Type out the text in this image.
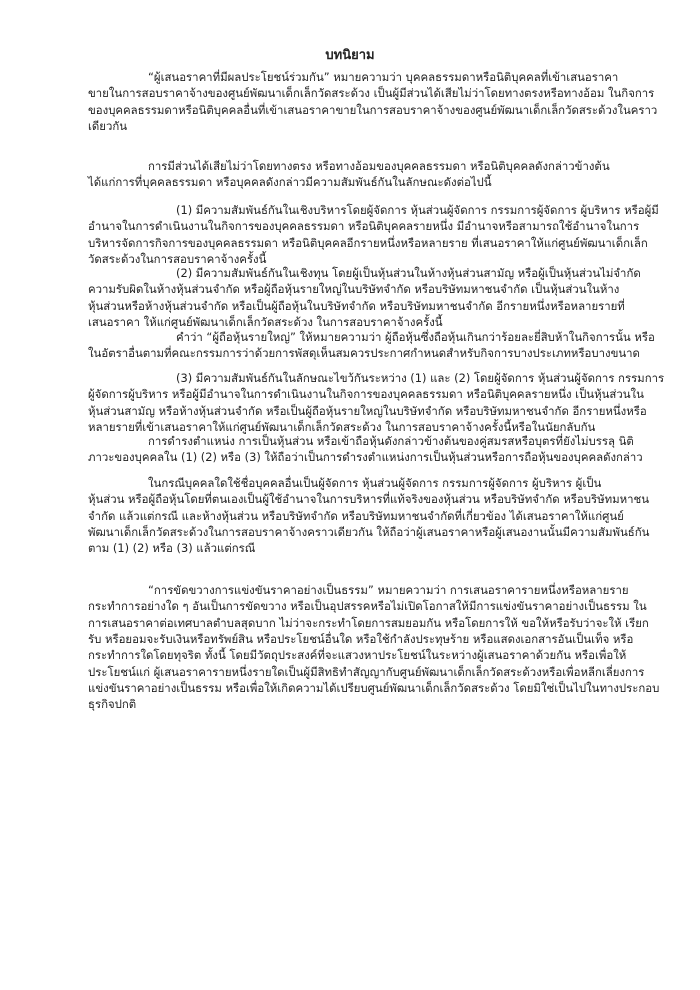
บทนิยาม
“ผู้เสนอราคาที่มีผลประโยชน์ร่วมกัน” หมายความว่า บุคคลธรรมดาหรือนิติบุคคลที่เข้าเสนอราคา
ขายในการสอบราคาจ้างของศูนย์พัฒนาเด็กเล็กวัดสระด้วง เป็นผู้มีส่วนได้เสียไม่ว่าโดยทางตรงหรือทางอ้อม ในกิจการ
ของบุคคลธรรมดาหรือนิติบุคคลอื่นที่เข้าเสนอราคาขายในการสอบราคาจ้างของศูนย์พัฒนาเด็กเล็กวัดสระด้วงในคราว
เดียวกัน
การมีส่วนได้เสียไม่ว่าโดยทางตรง หรือทางอ้อมของบุคคลธรรมดา หรือนิติบุคคลดังกล่าวข้างต้น
ได้แก่การที่บุคคลธรรมดา หรือบุคคลดังกล่าวมีความสัมพันธ์กันในลักษณะดังต่อไปนี้
(1) มีความสัมพันธ์กันในเชิงบริหารโดยผู้จัดการ หุ้นส่วนผู้จัดการ กรรมการผู้จัดการ ผู้บริหาร หรือผู้มี
อำนาจในการดำเนินงานในกิจการของบุคคลธรรมดา หรือนิติบุคคลรายหนึ่ง มีอำนาจหรือสามารถใช้อำนาจในการ
บริหารจัดการกิจการของบุคคลธรรมดา หรือนิติบุคคลอีกรายหนึ่งหรือหลายราย ที่เสนอราคาให้แก่ศูนย์พัฒนาเด็กเล็ก
วัดสระด้วงในการสอบราคาจ้างครั้งนี้
(2) มีความสัมพันธ์กันในเชิงทุน โดยผู้เป็นหุ้นส่วนในห้างหุ้นส่วนสามัญ หรือผู้เป็นหุ้นส่วนไม่จำกัด
ความรับผิดในห้างหุ้นส่วนจำกัด หรือผู้ถือหุ้นรายใหญ่ในบริษัทจำกัด หรือบริษัทมหาชนจำกัด เป็นหุ้นส่วนในห้าง
หุ้นส่วนหรือห้างหุ้นส่วนจำกัด หรือเป็นผู้ถือหุ้นในบริษัทจำกัด หรือบริษัทมหาชนจำกัด อีกรายหนึ่งหรือหลายรายที่
เสนอราคา ให้แก่ศูนย์พัฒนาเด็กเล็กวัดสระด้วง ในการสอบราคาจ้างครั้งนี้
คำว่า “ผู้ถือหุ้นรายใหญ่” ให้หมายความว่า ผู้ถือหุ้นซึ่งถือหุ้นเกินกว่าร้อยละยี่สิบห้าในกิจการนั้น หรือ
ในอัตราอื่นตามที่คณะกรรมการว่าด้วยการพัสดุเห็นสมควรประกาศกำหนดสำหรับกิจการบางประเภทหรือบางขนาด
(3) มีความสัมพันธ์กันในลักษณะไขว้กันระหว่าง (1) และ (2) โดยผู้จัดการ หุ้นส่วนผู้จัดการ กรรมการ
ผู้จัดการผู้บริหาร หรือผู้มีอำนาจในการดำเนินงานในกิจการของบุคคลธรรมดา หรือนิติบุคคลรายหนึ่ง เป็นหุ้นส่วนใน
หุ้นส่วนสามัญ หรือห้างหุ้นส่วนจำกัด หรือเป็นผู้ถือหุ้นรายใหญ่ในบริษัทจำกัด หรือบริษัทมหาชนจำกัด อีกรายหนึ่งหรือ
หลายรายที่เข้าเสนอราคาให้แก่ศูนย์พัฒนาเด็กเล็กวัดสระด้วง ในการสอบราคาจ้างครั้งนี้หรือในนัยกลับกัน
การดำรงตำแหน่ง การเป็นหุ้นส่วน หรือเข้าถือหุ้นดังกล่าวข้างต้นของคู่สมรสหรือบุตรที่ยังไม่บรรลุ นิติ
ภาวะของบุคคลใน (1) (2) หรือ (3) ให้ถือว่าเป็นการดำรงตำแหน่งการเป็นหุ้นส่วนหรือการถือหุ้นของบุคคลดังกล่าว
ในกรณีบุคคลใดใช้ชื่อบุคคลอื่นเป็นผู้จัดการ หุ้นส่วนผู้จัดการ กรรมการผู้จัดการ ผู้บริหาร ผู้เป็น
หุ้นส่วน หรือผู้ถือหุ้นโดยที่ตนเองเป็นผู้ใช้อำนาจในการบริหารที่แท้จริงของหุ้นส่วน หรือบริษัทจำกัด หรือบริษัทมหาชน
จำกัด แล้วแต่กรณี และห้างหุ้นส่วน หรือบริษัทจำกัด หรือบริษัทมหาชนจำกัดที่เกี่ยวข้อง ได้เสนอราคาให้แก่ศูนย์
พัฒนาเด็กเล็กวัดสระด้วงในการสอบราคาจ้างคราวเดียวกัน ให้ถือว่าผู้เสนอราคาหรือผู้เสนองานนั้นมีความสัมพันธ์กัน
ตาม (1) (2) หรือ (3) แล้วแต่กรณี
“การขัดขวางการแข่งขันราคาอย่างเป็นธรรม” หมายความว่า การเสนอราคารายหนึ่งหรือหลายราย
กระทำการอย่างใด ๆ อันเป็นการขัดขวาง หรือเป็นอุปสรรคหรือไม่เปิดโอกาสให้มีการแข่งขันราคาอย่างเป็นธรรม ใน
การเสนอราคาต่อเทศบาลตำบลสุดบาก ไม่ว่าจะกระทำโดยการสมยอมกัน หรือโดยการให้ ขอให้หรือรับว่าจะให้ เรียก
รับ หรือยอมจะรับเงินหรือทรัพย์สิน หรือประโยชน์อื่นใด หรือใช้กำลังประทุษร้าย หรือแสดงเอกสารอันเป็นเท็จ หรือ
กระทำการใดโดยทุจริต ทั้งนี้ โดยมีวัตถุประสงค์ที่จะแสวงหาประโยชน์ในระหว่างผู้เสนอราคาด้วยกัน หรือเพื่อให้
ประโยชน์แก่ ผู้เสนอราคารายหนึ่งรายใดเป็นผู้มีสิทธิทำสัญญากับศูนย์พัฒนาเด็กเล็กวัดสระด้วงหรือเพื่อหลีกเลี่ยงการ
แข่งขันราคาอย่างเป็นธรรม หรือเพื่อให้เกิดความได้เปรียบศูนย์พัฒนาเด็กเล็กวัดสระด้วง โดยมิใช่เป็นไปในทางประกอบ
ธุรกิจปกติ
